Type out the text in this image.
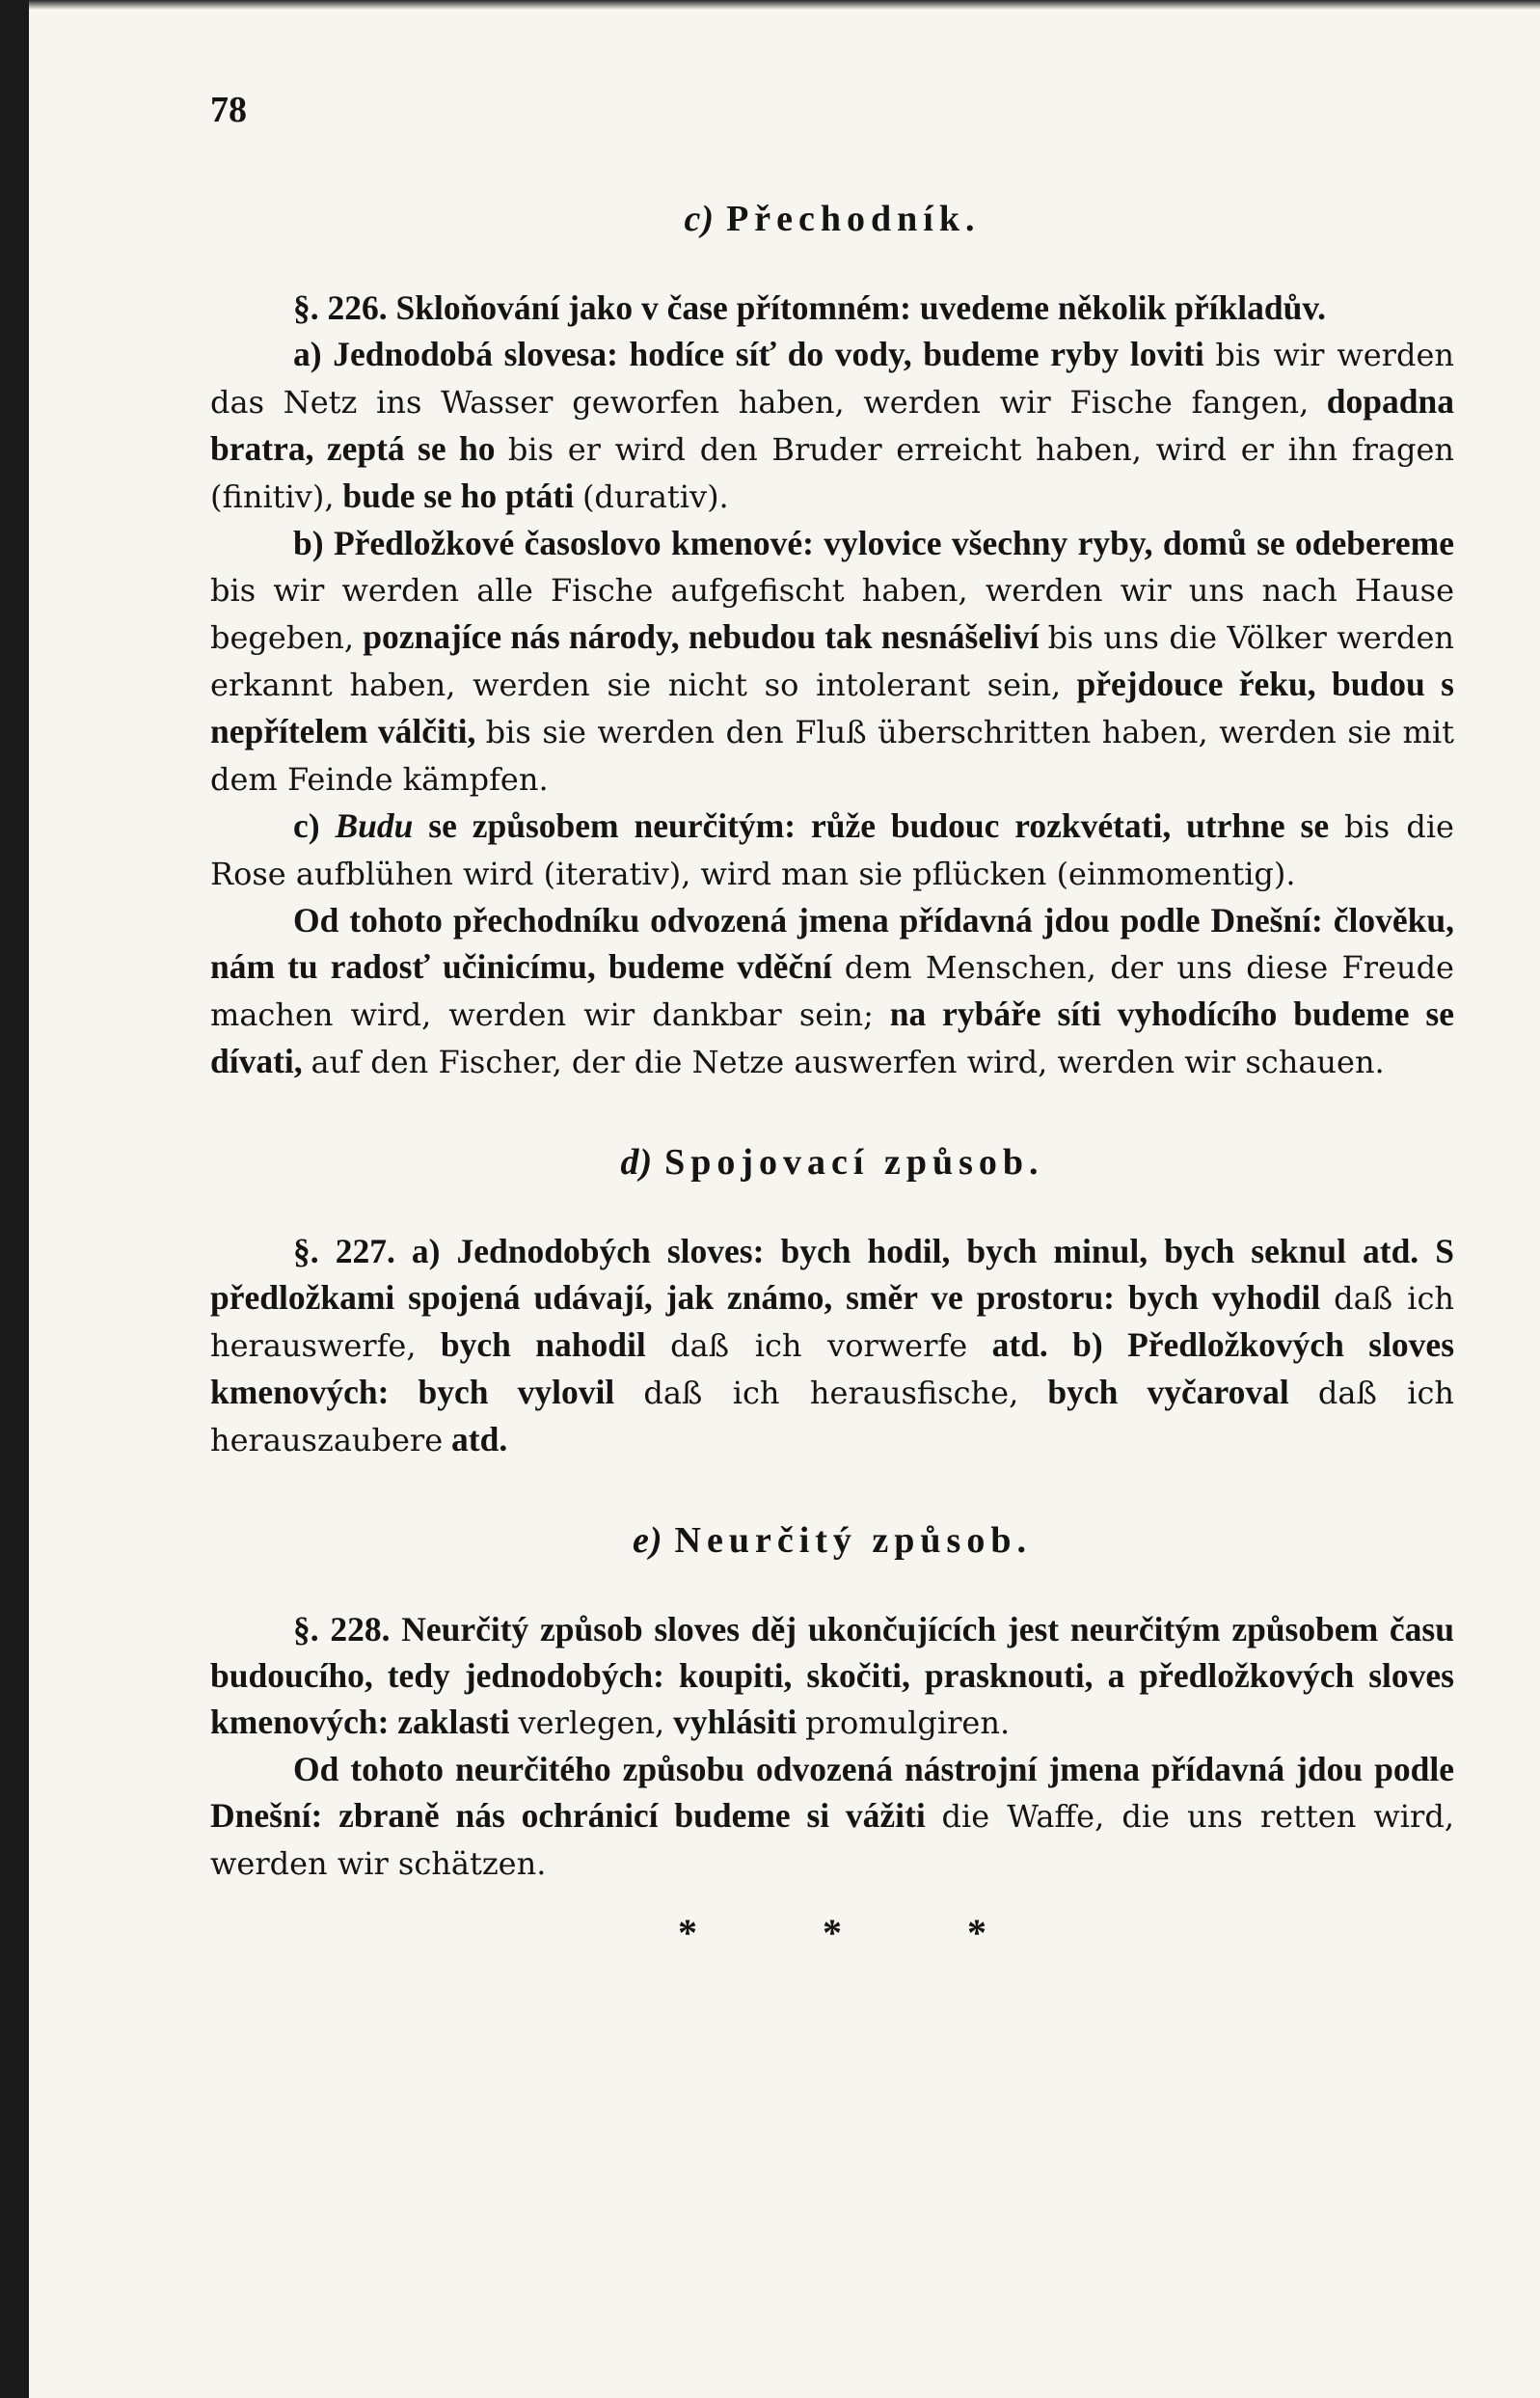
78
c) Přechodník.

§. 226. Skloňování jako v čase přítomném: uvedeme několik příkladův.

a) Jednodobá slovesa: hodíce síť do vody, budeme ryby loviti bis wir werden das Netz ins Wasser geworfen haben, werden wir Fische fangen, dopadna bratra, zeptá se ho bis er wird den Bruder erreicht haben, wird er ihn fragen (finitiv), bude se ho ptáti (durativ).

b) Předložkové časoslovo kmenové: vylovice všechny ryby, domů se odebereme bis wir werden alle Fische aufgefischt haben, werden wir uns nach Hause begeben, poznajíce nás národy, nebudou tak nesnášeliví bis uns die Völker werden erkannt haben, werden sie nicht so intolerant sein, přejdouce řeku, budou s nepřítelem válčiti, bis sie werden den Fluß überschritten haben, werden sie mit dem Feinde kämpfen.

c) Budu se způsobem neurčitým: růže budouc rozkvétati, utrhne se bis die Rose aufblühen wird (iterativ), wird man sie pflücken (einmomentig).

Od tohoto přechodníku odvozená jmena přídavná jdou podle Dnešní: člověku, nám tu radosť učinicímu, budeme vděční dem Menschen, der uns diese Freude machen wird, werden wir dankbar sein; na rybáře síti vyhodícího budeme se dívati, auf den Fischer, der die Netze auswerfen wird, werden wir schauen.

d) Spojovací způsob.

§. 227. a) Jednodobých sloves: bych hodil, bych minul, bych seknul atd. S předložkami spojená udávají, jak známo, směr ve prostoru: bych vyhodil daß ich herauswerfe, bych nahodil daß ich vorwerfe atd. b) Předložkových sloves kmenových: bych vylovil daß ich herausfische, bych vyčaroval daß ich herauszaubere atd.

e) Neurčitý způsob.

§. 228. Neurčitý způsob sloves děj ukončujících jest neurčitým způsobem času budoucího, tedy jednodobých: koupiti, skočiti, prasknouti, a předložkových sloves kmenových: zaklasti verlegen, vyhlásiti promulgiren.

Od tohoto neurčitého způsobu odvozená nástrojní jmena přídavná jdou podle Dnešní: zbraně nás ochránicí budeme si vážiti die Waffe, die uns retten wird, werden wir schätzen.

* * *
